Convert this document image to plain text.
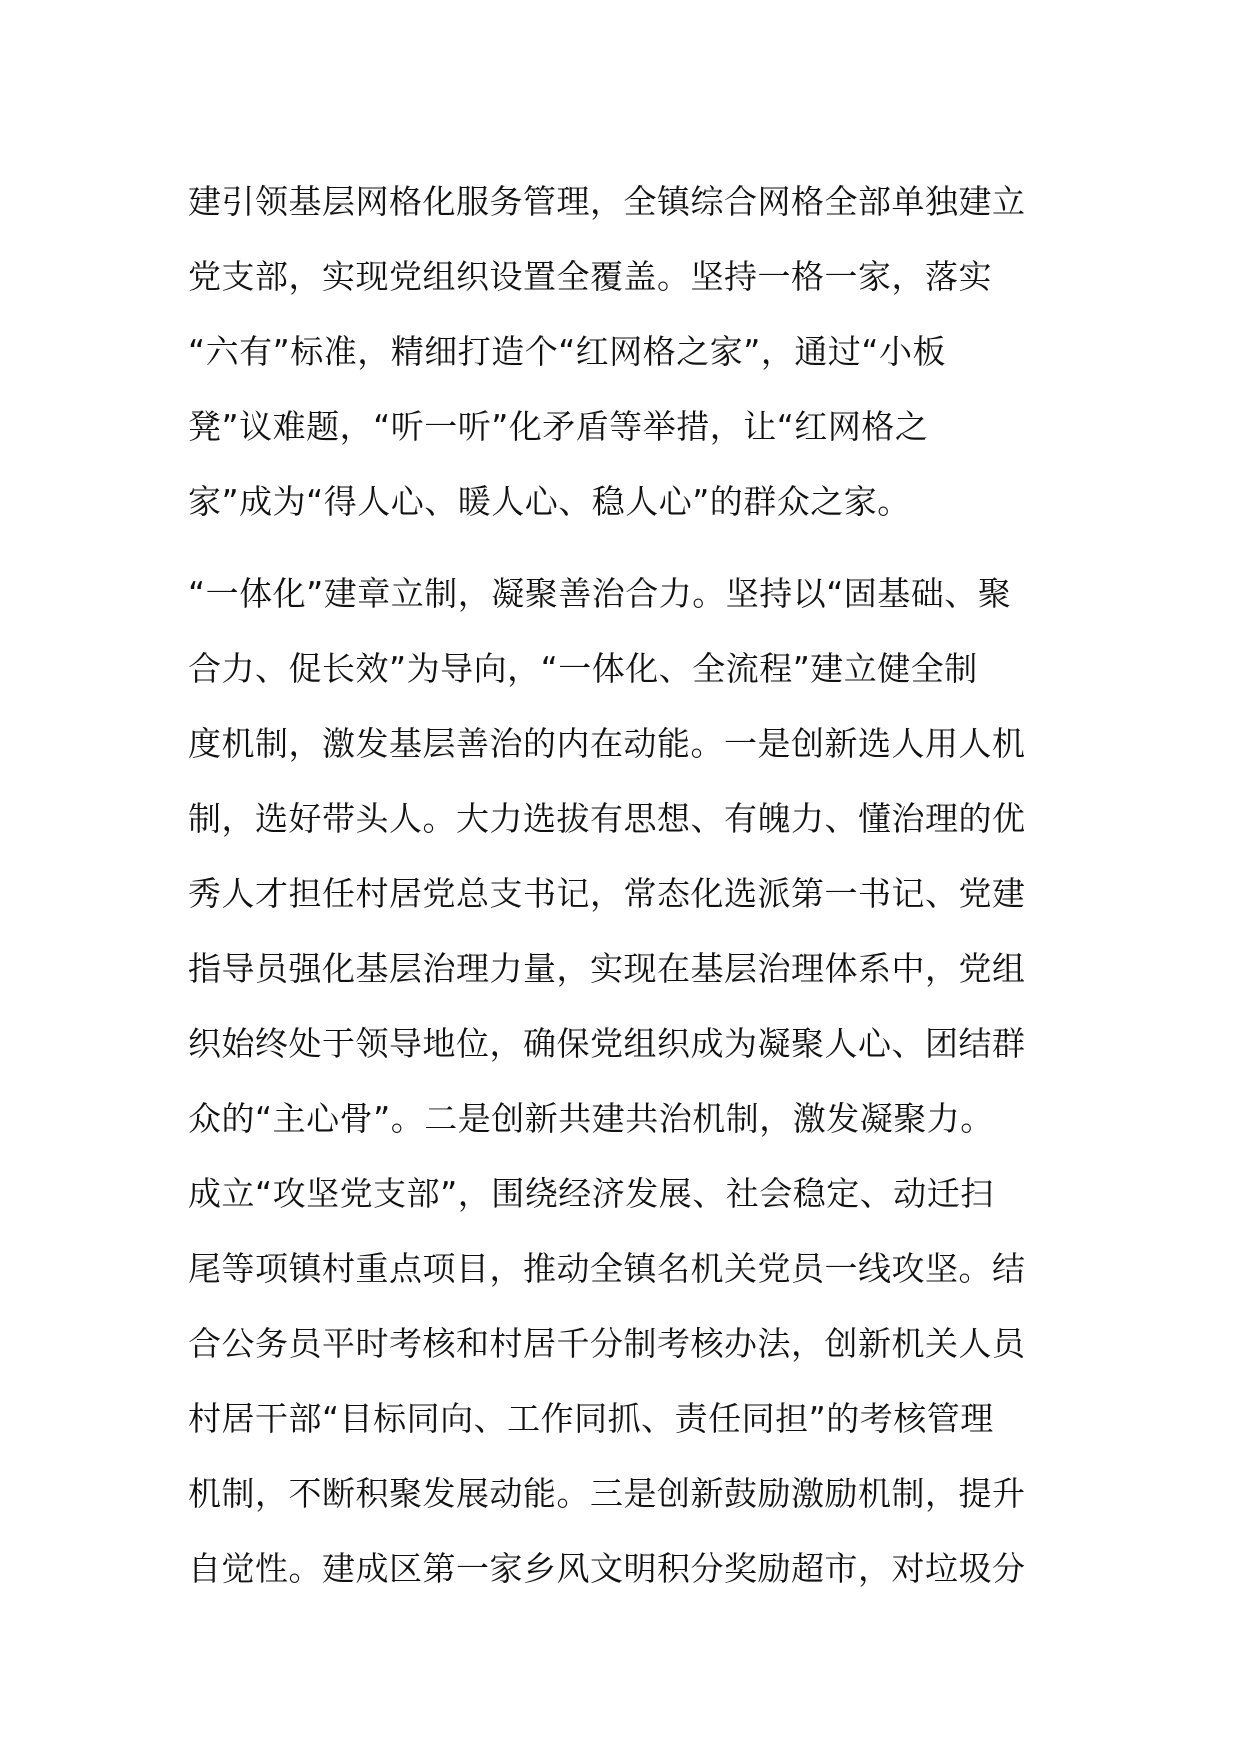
建引领基层网格化服务管理，全镇综合网格全部单独建立
党支部，实现党组织设置全覆盖。坚持一格一家，落实
“六有”标准，精细打造个“红网格之家”，通过“小板
凳”议难题，“听一听”化矛盾等举措，让“红网格之
家”成为“得人心、暖人心、稳人心”的群众之家。
“一体化”建章立制，凝聚善治合力。坚持以“固基础、聚
合力、促长效”为导向，“一体化、全流程”建立健全制
度机制，激发基层善治的内在动能。一是创新选人用人机
制，选好带头人。大力选拔有思想、有魄力、懂治理的优
秀人才担任村居党总支书记，常态化选派第一书记、党建
指导员强化基层治理力量，实现在基层治理体系中，党组
织始终处于领导地位，确保党组织成为凝聚人心、团结群
众的“主心骨”。二是创新共建共治机制，激发凝聚力。
成立“攻坚党支部”，围绕经济发展、社会稳定、动迁扫
尾等项镇村重点项目，推动全镇名机关党员一线攻坚。结
合公务员平时考核和村居千分制考核办法，创新机关人员
村居干部“目标同向、工作同抓、责任同担”的考核管理
机制，不断积聚发展动能。三是创新鼓励激励机制，提升
自觉性。建成区第一家乡风文明积分奖励超市，对垃圾分
